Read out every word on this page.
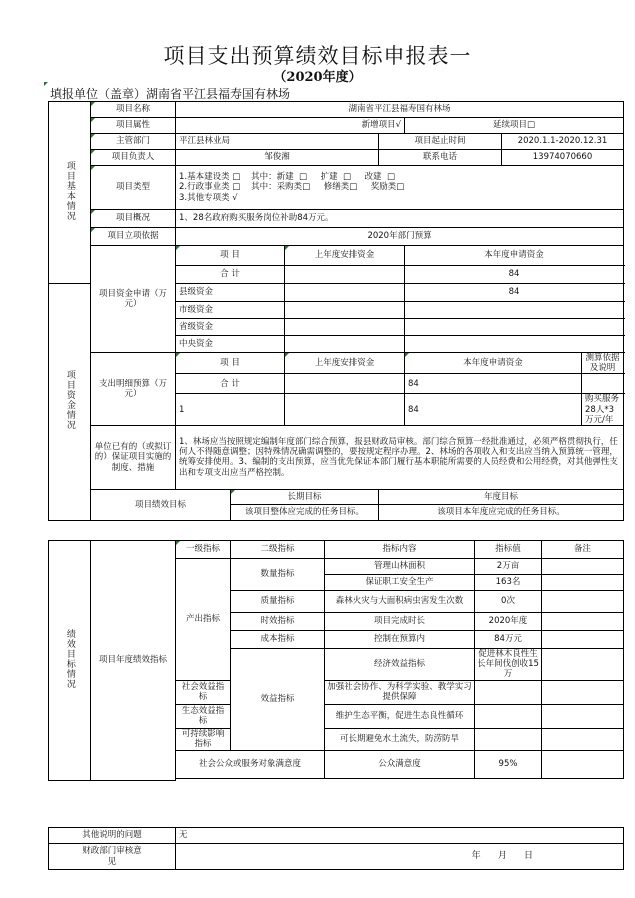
项目支出预算绩效目标申报表一
（2020年度）
填报单位（盖章）湖南省平江县福寿国有林场
项目基本情况	项目名称	湖南省平江县福寿国有林场						
	项目属性	新增项目√				延续项目□		
	主管部门	平江县林业局			项目起止时间		2020.1.1-2020.12.31	
	项目负责人	邹俊湘			联系电话		13974070660	
	项目类型	1.基本建设类 □    其中：新建  □     扩建  □     改建  □
2.行政事业类 □    其中：采购类□     修缮类□     奖励类□
3.其他专项类 √						

	项目概况	1、28名政府购买服务岗位补助84万元。						
	项目立项依据	2020年部门预算						
	项目资金申请（万元）	项 目		上年度安排资金		本年度申请资金		
		合 计				84		
项目资金情况		县级资金				84		
		市级资金						
		省级资金						
		中央资金						
	支出明细预算（万元）	项 目		上年度安排资金		本年度申请资金		测算依据及说明
		合 计				84		
		1				84		购买服务28人*3万元/年
	单位已有的（或拟订的）保证项目实施的制度、措施	1、林场应当按照规定编制年度部门综合预算，报县财政局审核。部门综合预算一经批准通过，必须严格贯彻执行，任何人不得随意调整；因特殊情况确需调整的，要按规定程序办理。2、林场的各项收入和支出应当纳入预算统一管理，统筹安排使用。3、编制的支出预算，应当优先保证本部门履行基本职能所需要的人员经费和公用经费，对其他弹性支出和专项支出应当严格控制。						
	项目绩效目标		长期目标		年度目标			
			该项目整体应完成的任务目标。		该项目本年度应完成的任务目标。			
绩效目标情况	项目年度绩效指标	一级指标	二级指标	指标内容	指标值	备注	
		产出指标	数量指标	管理山林面积	2万亩		
				保证职工安全生产	163名		
			质量指标	森林火灾与大面积病虫害发生次数	0次		
			时效指标	项目完成时长	2020年度		
			成本指标	控制在预算内	84万元		
			效益指标	经济效益指标	促进林木良性生长年间伐创收15万		
		社会效益指标		加强社会协作、为科学实验、教学实习提供保障			
		生态效益指标		维护生态平衡，促进生态良性循环			
		可持续影响指标		可长期避免水土流失，防涝防旱			
		社会公众或服务对象满意度		公众满意度	95%		

其他说明的问题	无
财政部门审核意见	年      月      日
